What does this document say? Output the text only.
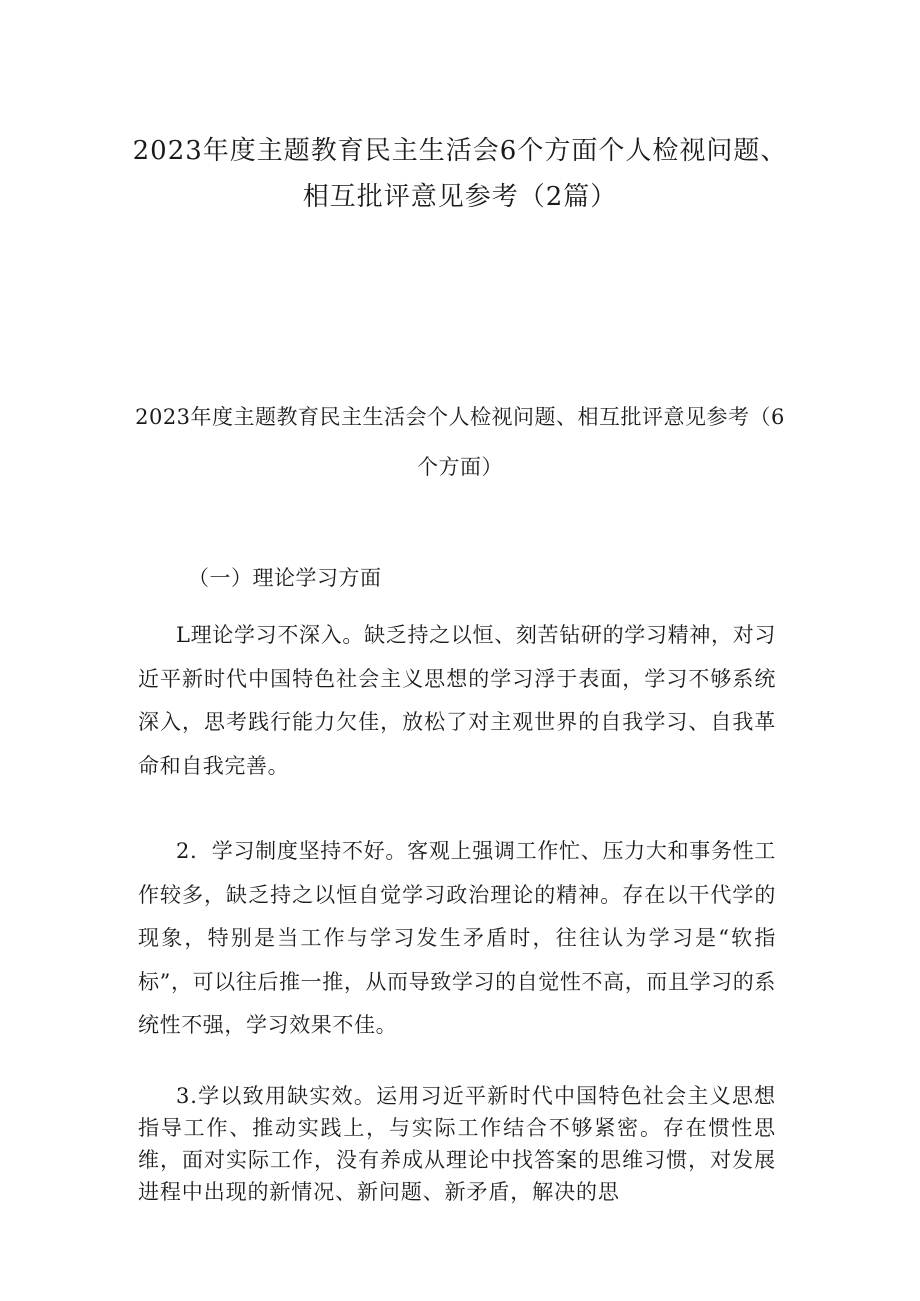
2023年度主题教育民主生活会6个方面个人检视问题、相互批评意见参考（2篇）
2023年度主题教育民主生活会个人检视问题、相互批评意见参考（6个方面）

（一）理论学习方面

L理论学习不深入。缺乏持之以恒、刻苦钻研的学习精神，对习近平新时代中国特色社会主义思想的学习浮于表面，学习不够系统深入，思考践行能力欠佳，放松了对主观世界的自我学习、自我革命和自我完善。

2．学习制度坚持不好。客观上强调工作忙、压力大和事务性工作较多，缺乏持之以恒自觉学习政治理论的精神。存在以干代学的现象，特别是当工作与学习发生矛盾时，往往认为学习是“软指标”，可以往后推一推，从而导致学习的自觉性不高，而且学习的系统性不强，学习效果不佳。

3.学以致用缺实效。运用习近平新时代中国特色社会主义思想指导工作、推动实践上，与实际工作结合不够紧密。存在惯性思维，面对实际工作，没有养成从理论中找答案的思维习惯，对发展进程中出现的新情况、新问题、新矛盾，解决的思
